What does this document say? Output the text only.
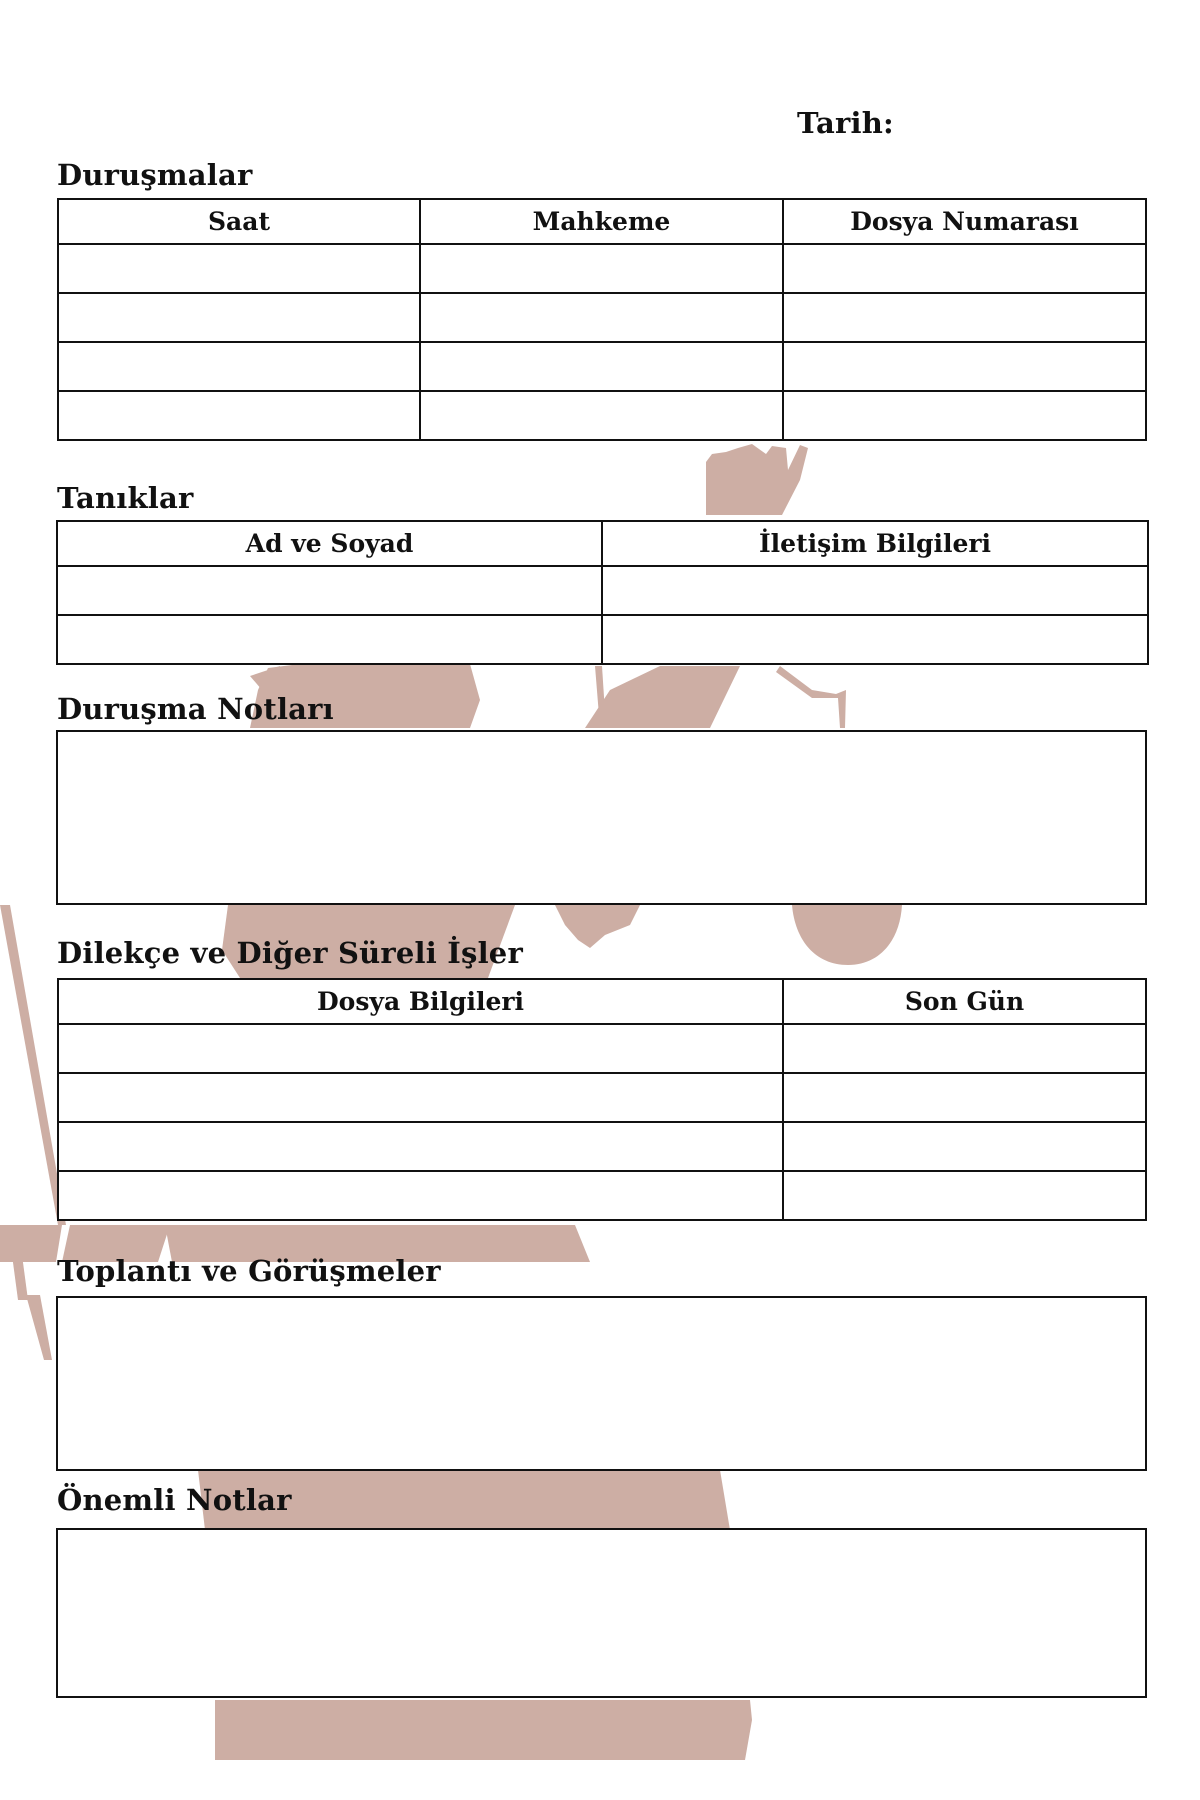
Tarih:
Duruşmalar
Saat	Mahkeme	Dosya Numarası

Tanıklar
Ad ve Soyad	İletişim Bilgileri

Duruşma Notları
Dilekçe ve Diğer Süreli İşler
Dosya Bilgileri	Son Gün

Toplantı ve Görüşmeler
Önemli Notlar
